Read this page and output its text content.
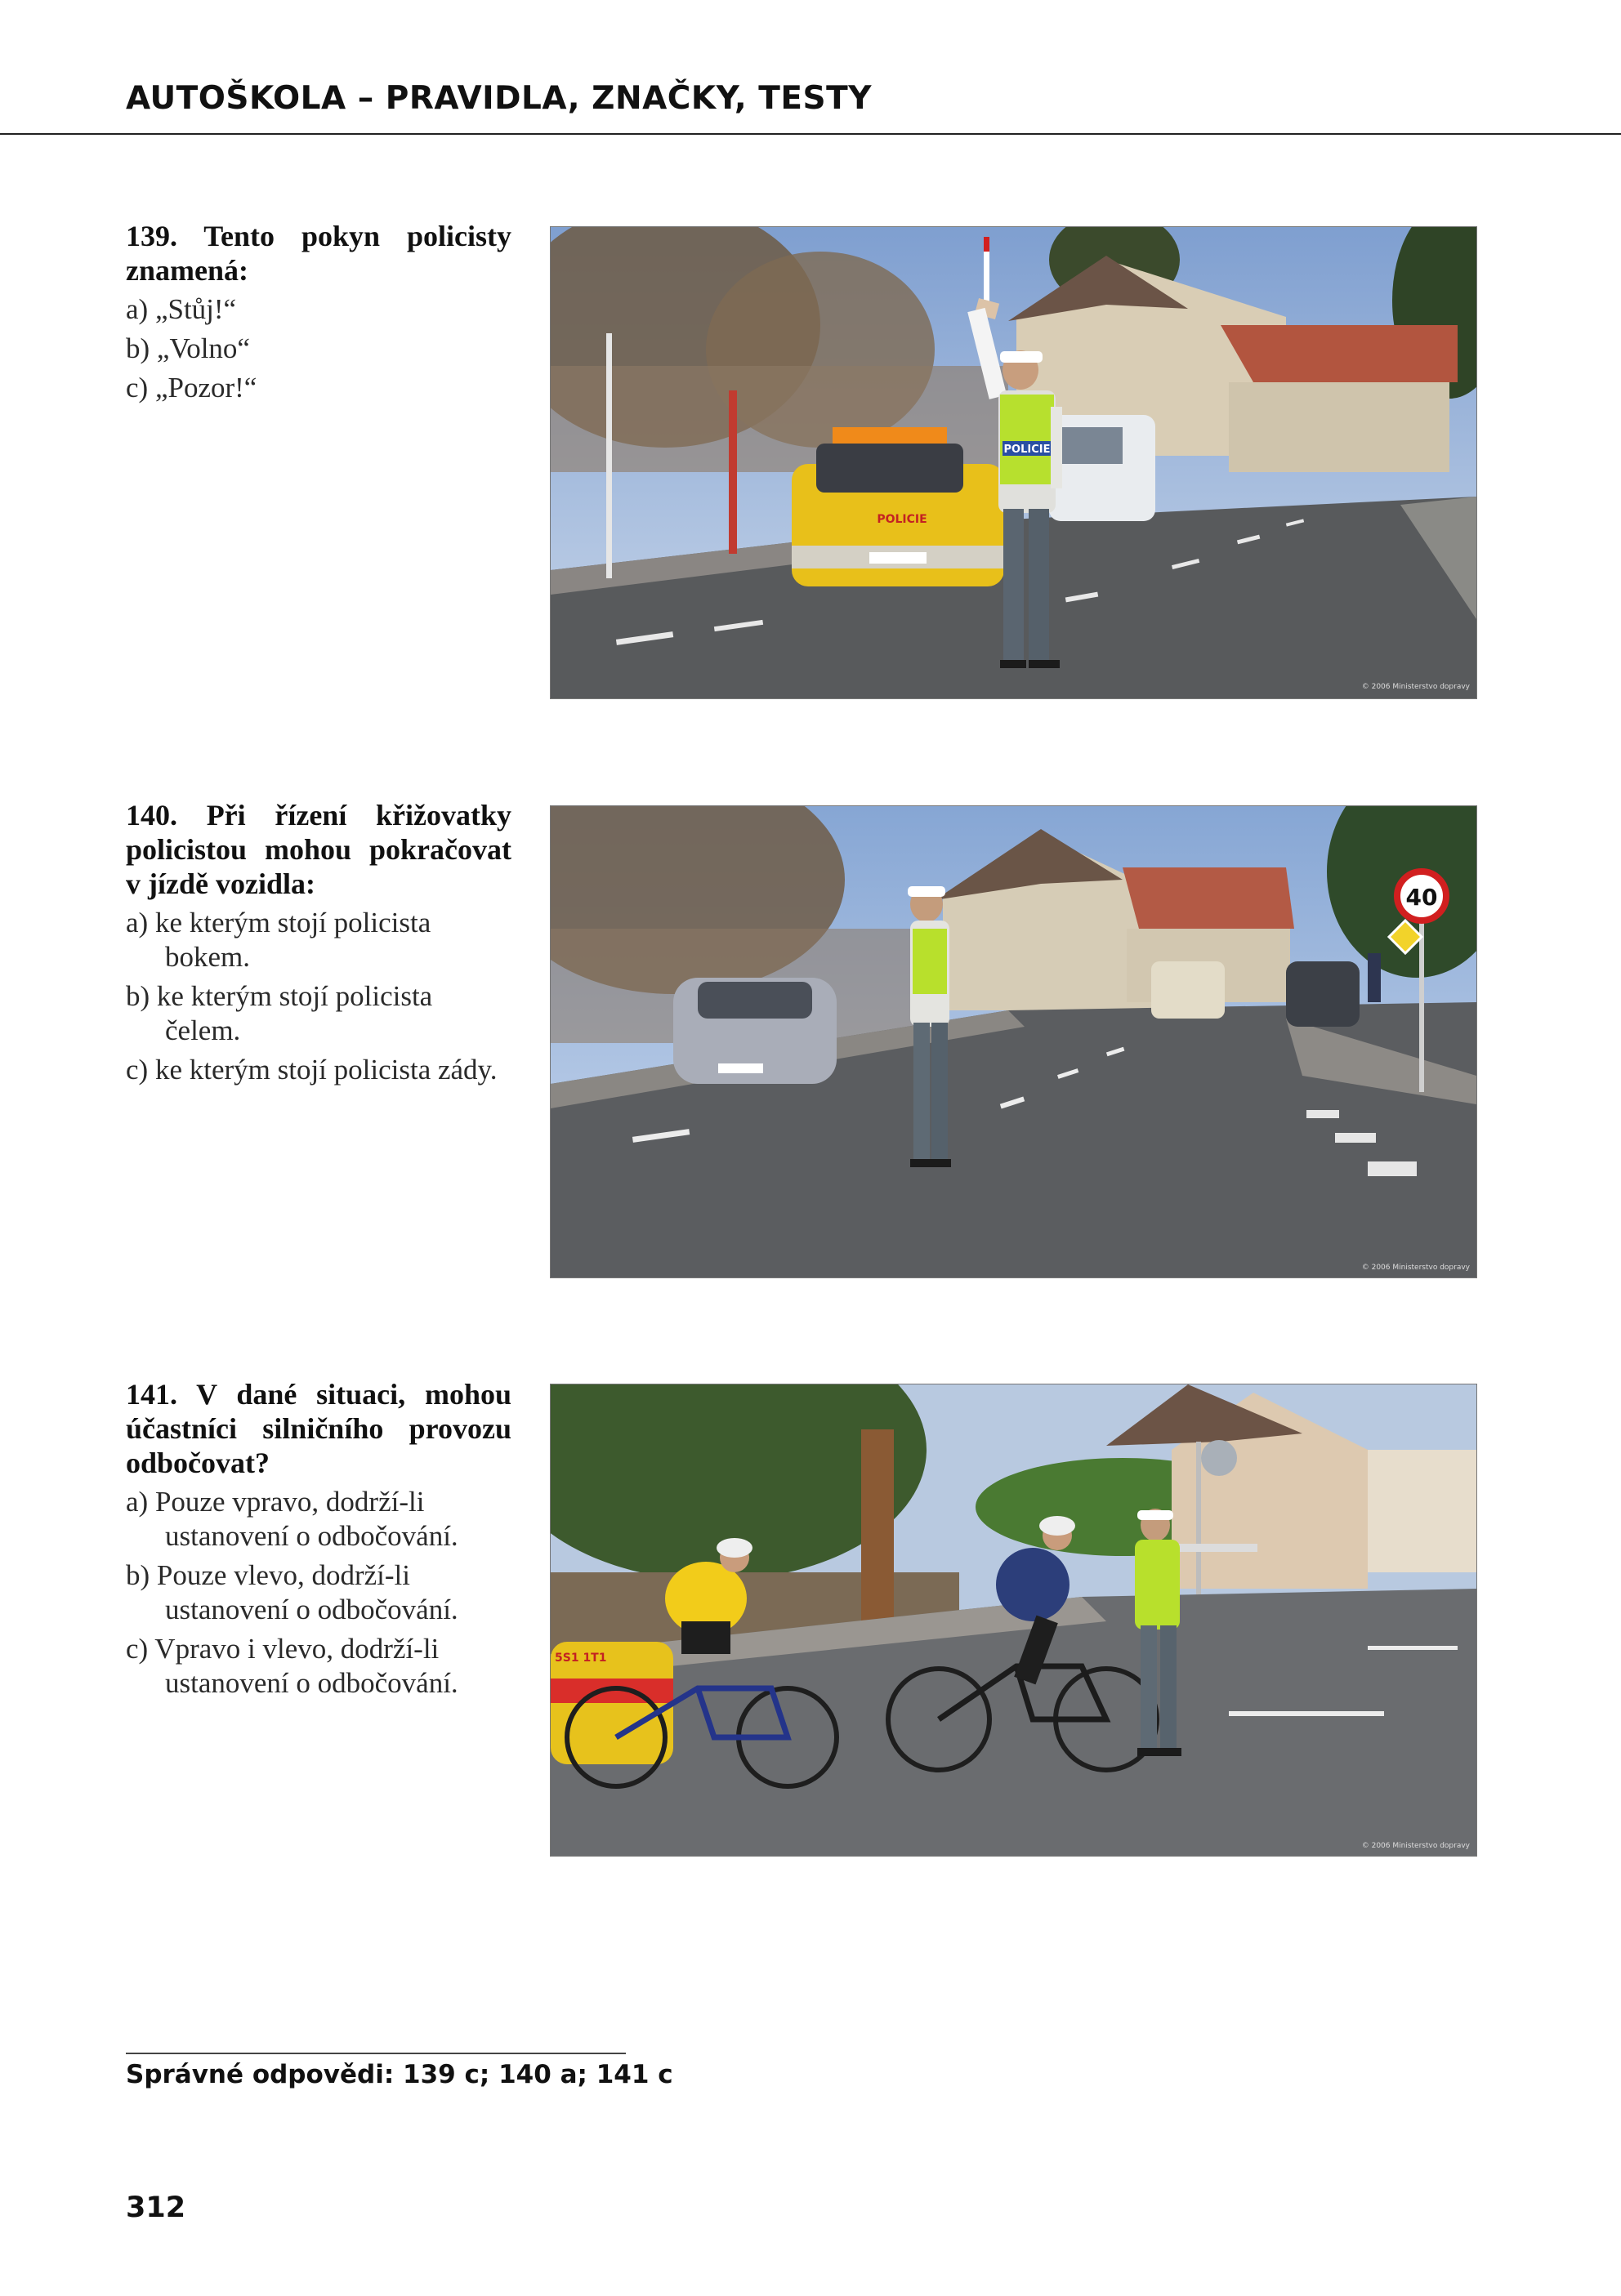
AUTOŠKOLA – PRAVIDLA, ZNAČKY, TESTY

139. Tento pokyn policisty znamená:

a) „Stůj!“

b) „Volno“

c) „Pozor!“

POLICIE
POLICIE
© 2006 Ministerstvo dopravy

140. Při řízení křižovatky policistou mohou pokračovat v jízdě vozidla:

a) ke kterým stojí policista bokem.

b) ke kterým stojí policista čelem.

c) ke kterým stojí policista zády.

40
© 2006 Ministerstvo dopravy

141. V dané situaci, mohou účastníci silničního provozu odbočovat?

a) Pouze vpravo, dodrží-li ustanovení o odbočování.

b) Pouze vlevo, dodrží-li ustanovení o odbočování.

c) Vpravo i vlevo, dodrží-li ustanovení o odbočování.

5S1 1T1
© 2006 Ministerstvo dopravy
Správné odpovědi: 139 c; 140 a; 141 c
312
